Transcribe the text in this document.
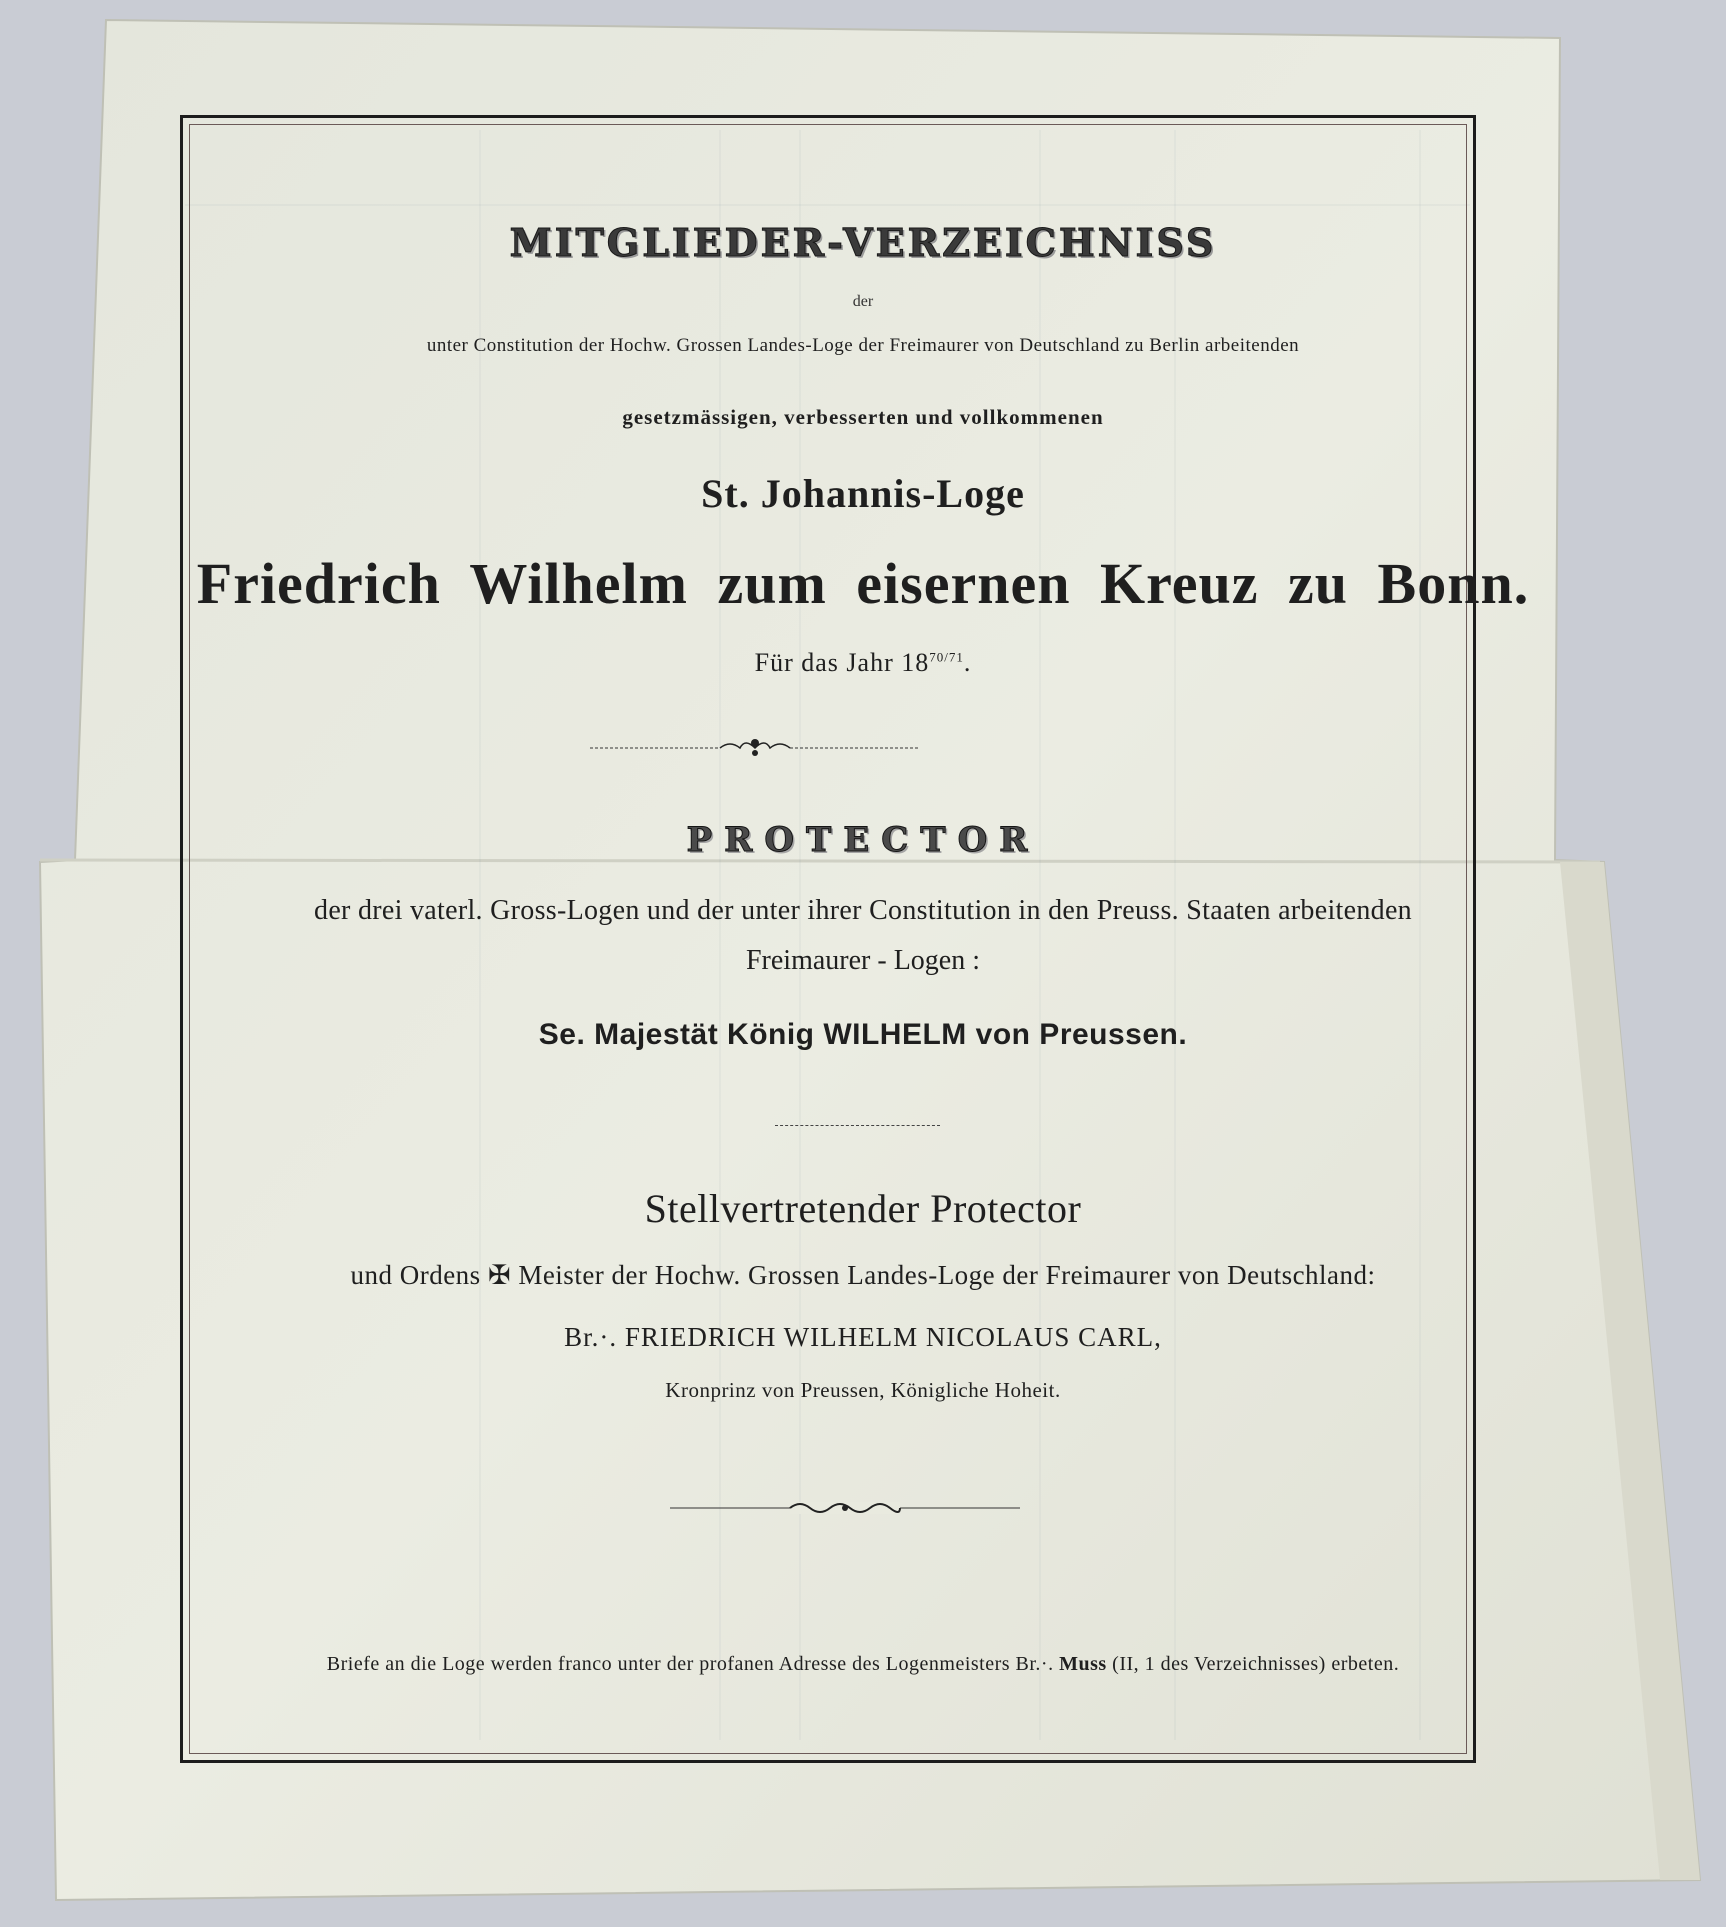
MITGLIEDER-VERZEICHNISS
der
unter Constitution der Hochw. Grossen Landes-Loge der Freimaurer von Deutschland zu Berlin arbeitenden
gesetzmässigen, verbesserten und vollkommenen
St. Johannis-Loge
Friedrich Wilhelm zum eisernen Kreuz zu Bonn.
Für das Jahr $18^{70/71}$.
PROTECTOR
der drei vaterl. Gross-Logen und der unter ihrer Constitution in den Preuss. Staaten arbeitenden
Freimaurer - Logen :
Se. Majestät König WILHELM von Preussen.
Stellvertretender Protector
und Ordens ✠ Meister der Hochw. Grossen Landes-Loge der Freimaurer von Deutschland:
Br.·. FRIEDRICH WILHELM NICOLAUS CARL,
Kronprinz von Preussen, Königliche Hoheit.
Briefe an die Loge werden franco unter der profanen Adresse des Logenmeisters Br.·. Muss (II, 1 des Verzeichnisses) erbeten.
